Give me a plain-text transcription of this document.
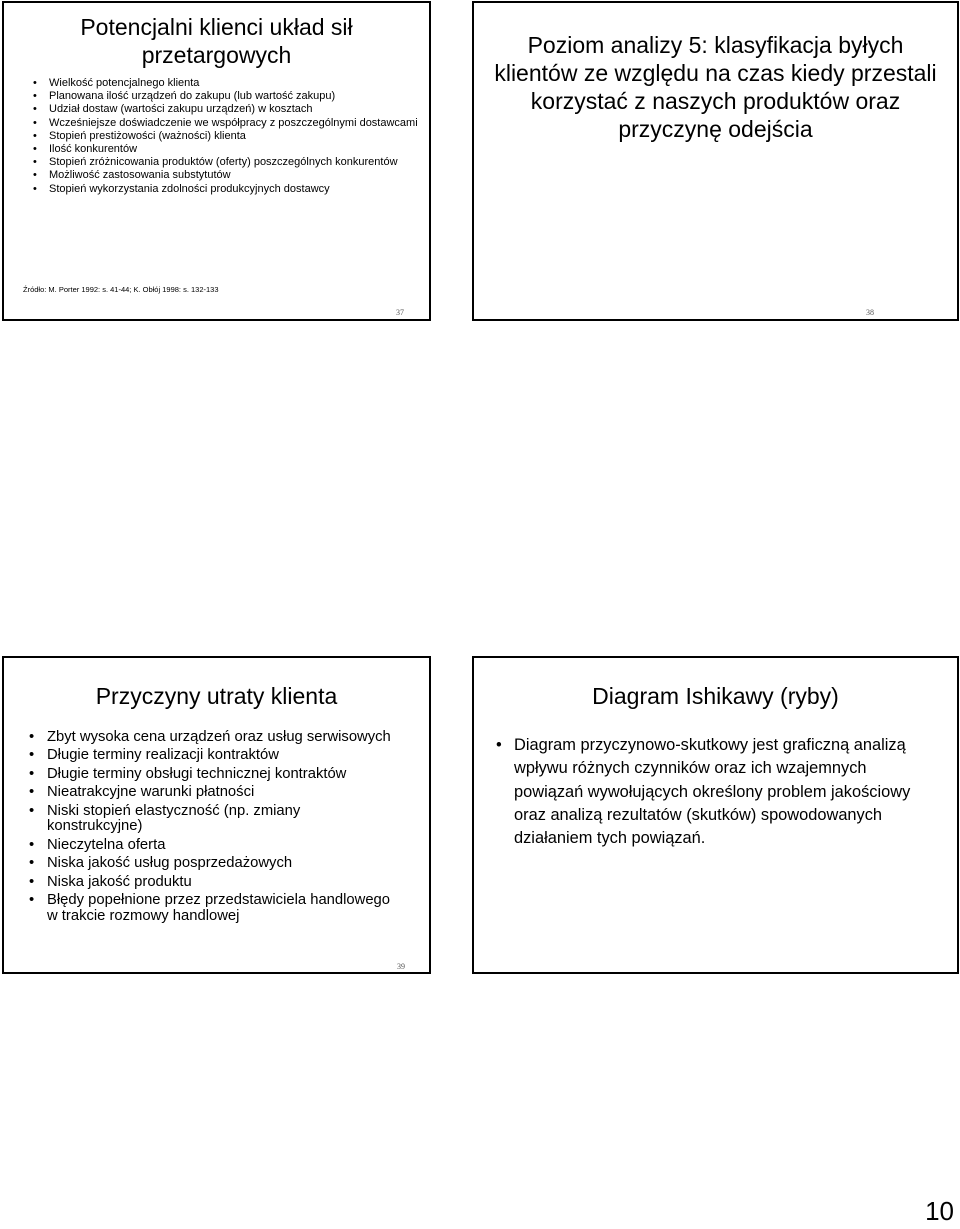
Potencjalni klienci układ sił przetargowych
• Wielkość potencjalnego klienta
• Planowana ilość urządzeń do zakupu (lub wartość zakupu)
• Udział dostaw (wartości zakupu urządzeń) w kosztach
• Wcześniejsze doświadczenie we współpracy z poszczególnymi dostawcami
• Stopień prestiżowości (ważności) klienta
• Ilość konkurentów
• Stopień zróżnicowania produktów (oferty) poszczególnych konkurentów
• Możliwość zastosowania substytutów
• Stopień wykorzystania zdolności produkcyjnych dostawcy
Źródło: M. Porter 1992: s. 41-44; K. Obłój 1998: s. 132-133
37
Poziom analizy 5: klasyfikacja byłych klientów ze względu na czas kiedy przestali korzystać z naszych produktów oraz przyczynę odejścia
38
Przyczyny utraty klienta
• Zbyt wysoka cena urządzeń oraz usług serwisowych
• Długie terminy realizacji kontraktów
• Długie terminy obsługi technicznej kontraktów
• Nieatrakcyjne warunki płatności
• Niski stopień elastyczność (np. zmiany konstrukcyjne)
• Nieczytelna oferta
• Niska jakość usług posprzedażowych
• Niska jakość produktu
• Błędy popełnione przez przedstawiciela handlowego w trakcie rozmowy handlowej
39
Diagram Ishikawy (ryby)
• Diagram przyczynowo-skutkowy jest graficzną analizą wpływu różnych czynników oraz ich wzajemnych powiązań wywołujących określony problem jakościowy oraz analizą rezultatów (skutków) spowodowanych działaniem tych powiązań.
10
